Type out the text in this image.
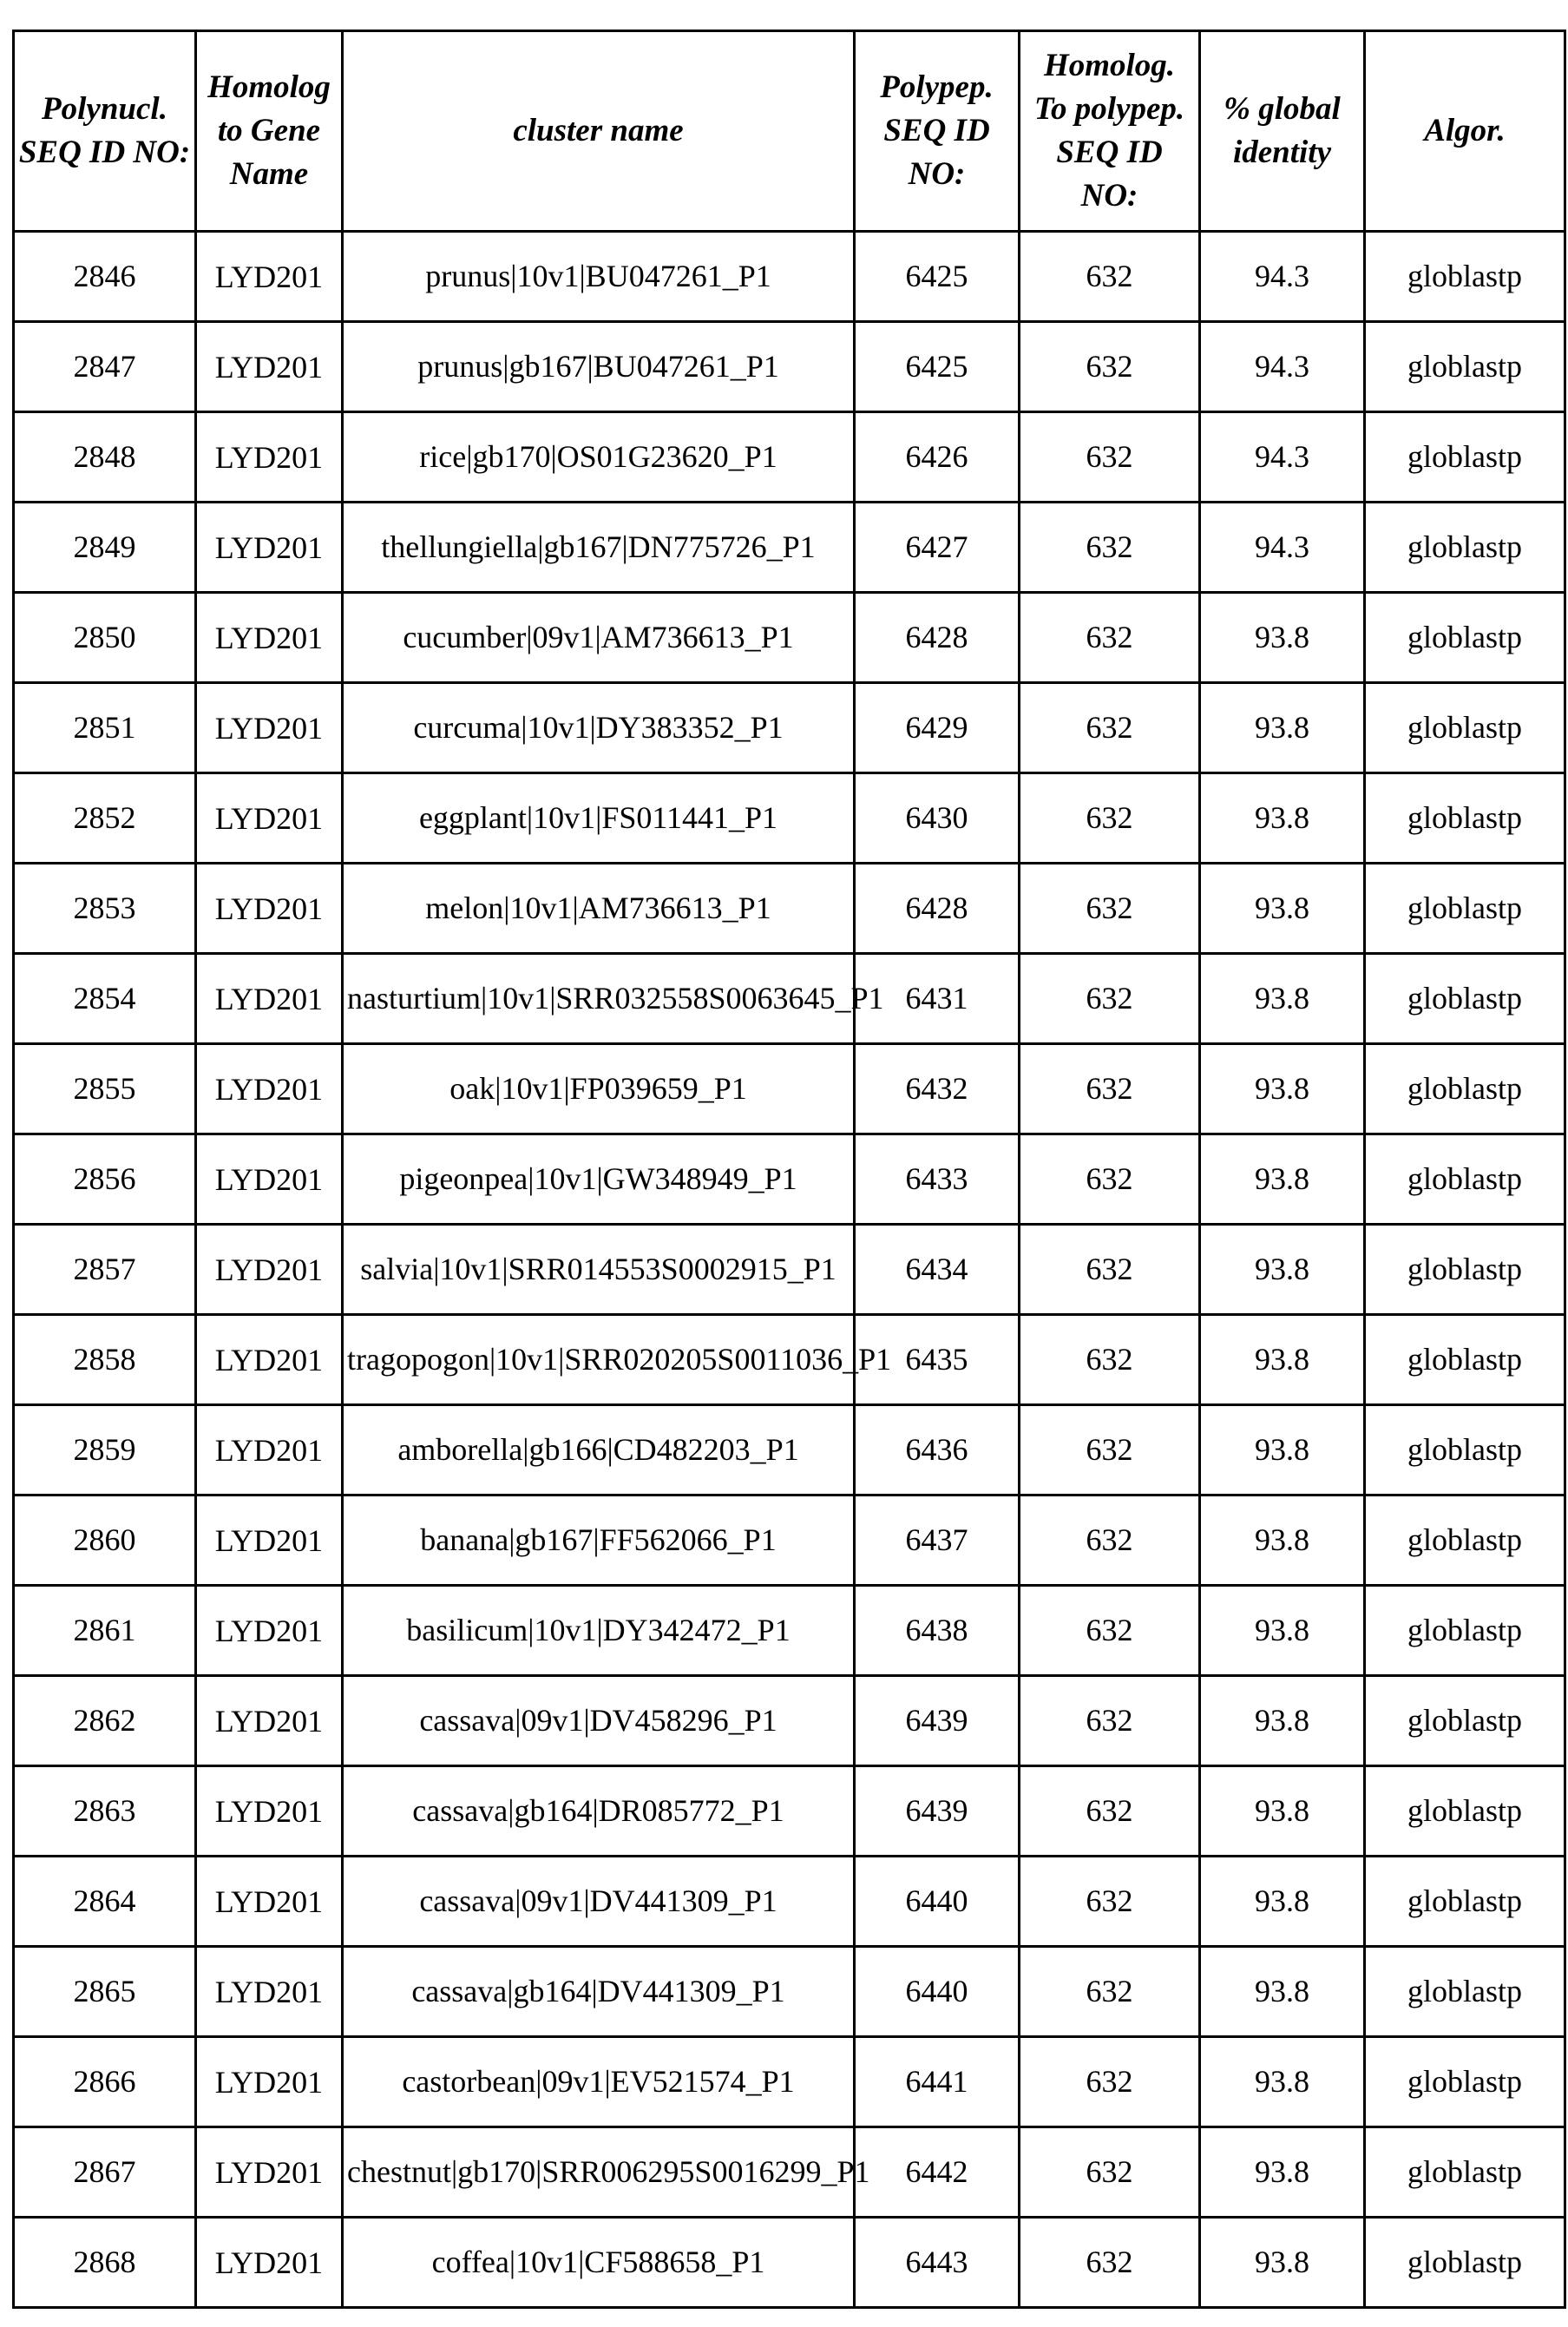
Polynucl. SEQ ID NO:	Homolog to Gene Name	cluster name	Polypep. SEQ ID NO:	Homolog. To polypep. SEQ ID NO:	% global identity	Algor.
2846	LYD201	prunus|10v1|BU047261_P1	6425	632	94.3	globlastp
2847	LYD201	prunus|gb167|BU047261_P1	6425	632	94.3	globlastp
2848	LYD201	rice|gb170|OS01G23620_P1	6426	632	94.3	globlastp
2849	LYD201	thellungiella|gb167|DN775726_P1	6427	632	94.3	globlastp
2850	LYD201	cucumber|09v1|AM736613_P1	6428	632	93.8	globlastp
2851	LYD201	curcuma|10v1|DY383352_P1	6429	632	93.8	globlastp
2852	LYD201	eggplant|10v1|FS011441_P1	6430	632	93.8	globlastp
2853	LYD201	melon|10v1|AM736613_P1	6428	632	93.8	globlastp
2854	LYD201	nasturtium|10v1|SRR032558S0063645_P1	6431	632	93.8	globlastp
2855	LYD201	oak|10v1|FP039659_P1	6432	632	93.8	globlastp
2856	LYD201	pigeonpea|10v1|GW348949_P1	6433	632	93.8	globlastp
2857	LYD201	salvia|10v1|SRR014553S0002915_P1	6434	632	93.8	globlastp
2858	LYD201	tragopogon|10v1|SRR020205S0011036_P1	6435	632	93.8	globlastp
2859	LYD201	amborella|gb166|CD482203_P1	6436	632	93.8	globlastp
2860	LYD201	banana|gb167|FF562066_P1	6437	632	93.8	globlastp
2861	LYD201	basilicum|10v1|DY342472_P1	6438	632	93.8	globlastp
2862	LYD201	cassava|09v1|DV458296_P1	6439	632	93.8	globlastp
2863	LYD201	cassava|gb164|DR085772_P1	6439	632	93.8	globlastp
2864	LYD201	cassava|09v1|DV441309_P1	6440	632	93.8	globlastp
2865	LYD201	cassava|gb164|DV441309_P1	6440	632	93.8	globlastp
2866	LYD201	castorbean|09v1|EV521574_P1	6441	632	93.8	globlastp
2867	LYD201	chestnut|gb170|SRR006295S0016299_P1	6442	632	93.8	globlastp
2868	LYD201	coffea|10v1|CF588658_P1	6443	632	93.8	globlastp
